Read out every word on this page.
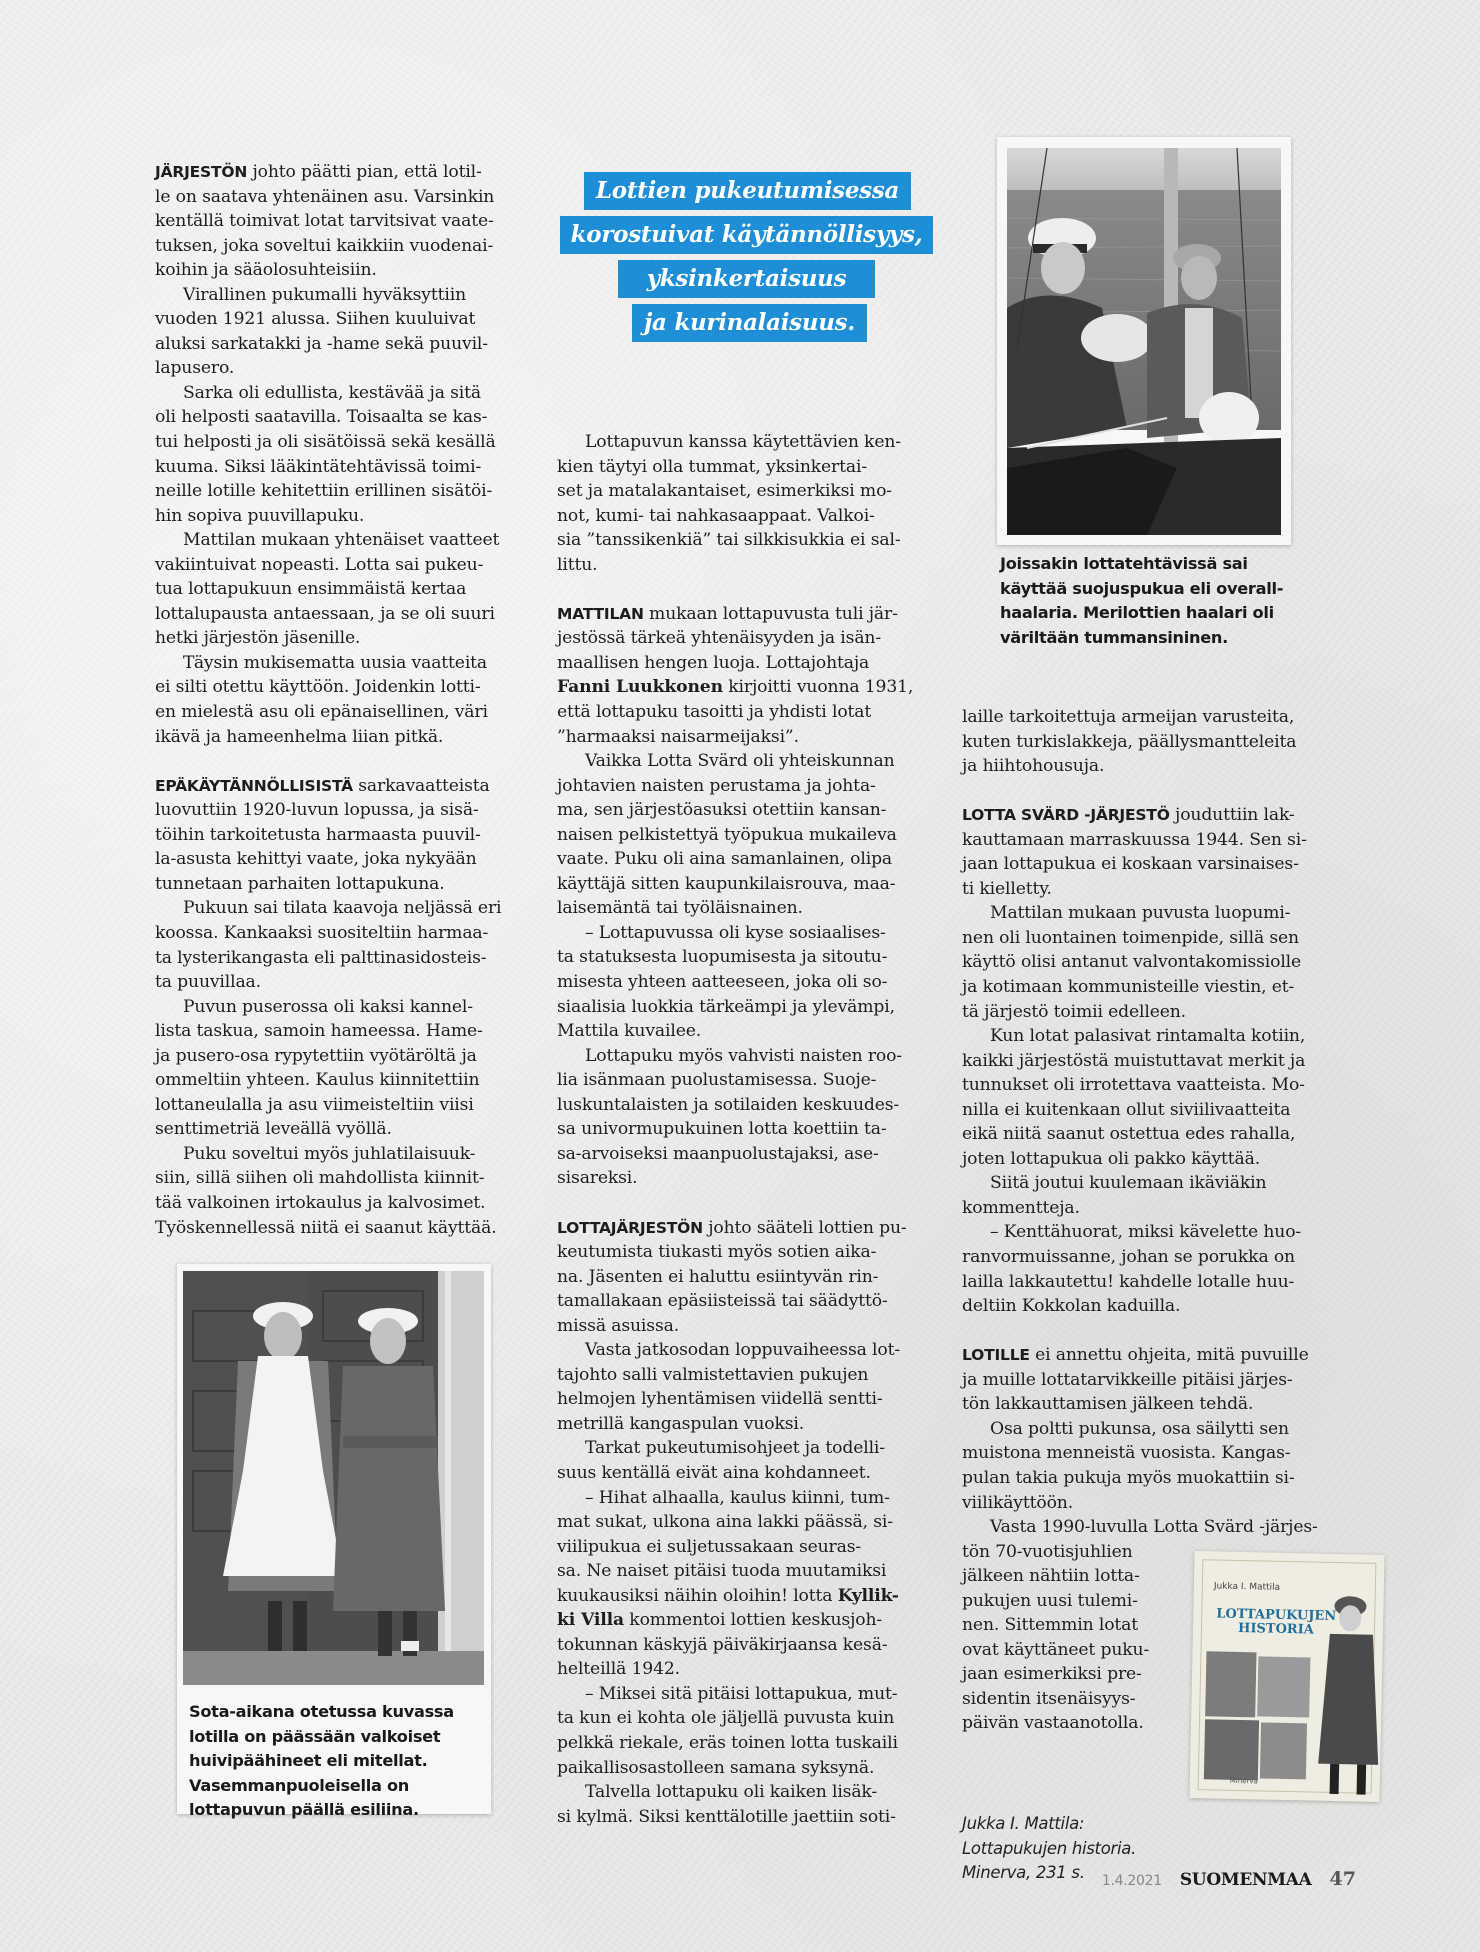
Lottien pukeutumisessa
korostuivat käytännöllisyys,
yksinkertaisuus
ja kurinalaisuus.
JÄRJESTÖN johto päätti pian, että lotil-
le on saatava yhtenäinen asu. Varsinkin
kentällä toimivat lotat tarvitsivat vaate-
tuksen, joka soveltui kaikkiin vuodenai-
koihin ja sääolosuhteisiin.
Virallinen pukumalli hyväksyttiin
vuoden 1921 alussa. Siihen kuuluivat
aluksi sarkatakki ja -hame sekä puuvil-
lapusero.
Sarka oli edullista, kestävää ja sitä
oli helposti saatavilla. Toisaalta se kas-
tui helposti ja oli sisätöissä sekä kesällä
kuuma. Siksi lääkintätehtävissä toimi-
neille lotille kehitettiin erillinen sisätöi-
hin sopiva puuvillapuku.
Mattilan mukaan yhtenäiset vaatteet
vakiintuivat nopeasti. Lotta sai pukeu-
tua lottapukuun ensimmäistä kertaa
lottalupausta antaessaan, ja se oli suuri
hetki järjestön jäsenille.
Täysin mukisematta uusia vaatteita
ei silti otettu käyttöön. Joidenkin lotti-
en mielestä asu oli epänaisellinen, väri
ikävä ja hameenhelma liian pitkä.
EPÄKÄYTÄNNÖLLISISTÄ sarkavaatteista
luovuttiin 1920-luvun lopussa, ja sisä-
töihin tarkoitetusta harmaasta puuvil-
la-asusta kehittyi vaate, joka nykyään
tunnetaan parhaiten lottapukuna.
Pukuun sai tilata kaavoja neljässä eri
koossa. Kankaaksi suositeltiin harmaa-
ta lysterikangasta eli palttinasidosteis-
ta puuvillaa.
Puvun puserossa oli kaksi kannel-
lista taskua, samoin hameessa. Hame-
ja pusero-osa rypytettiin vyötäröltä ja
ommeltiin yhteen. Kaulus kiinnitettiin
lottaneulalla ja asu viimeisteltiin viisi
senttimetriä leveällä vyöllä.
Puku soveltui myös juhlatilaisuuk-
siin, sillä siihen oli mahdollista kiinnit-
tää valkoinen irtokaulus ja kalvosimet.
Työskennellessä niitä ei saanut käyttää.
Lottapuvun kanssa käytettävien ken-
kien täytyi olla tummat, yksinkertai-
set ja matalakantaiset, esimerkiksi mo-
not, kumi- tai nahkasaappaat. Valkoi-
sia ”tanssikenkiä” tai silkkisukkia ei sal-
littu.
MATTILAN mukaan lottapuvusta tuli jär-
jestössä tärkeä yhtenäisyyden ja isän-
maallisen hengen luoja. Lottajohtaja
Fanni Luukkonen kirjoitti vuonna 1931,
että lottapuku tasoitti ja yhdisti lotat
”harmaaksi naisarmeijaksi”.
Vaikka Lotta Svärd oli yhteiskunnan
johtavien naisten perustama ja johta-
ma, sen järjestöasuksi otettiin kansan-
naisen pelkistettyä työpukua mukaileva
vaate. Puku oli aina samanlainen, olipa
käyttäjä sitten kaupunkilaisrouva, maa-
laisemäntä tai työläisnainen.
– Lottapuvussa oli kyse sosiaalises-
ta statuksesta luopumisesta ja sitoutu-
misesta yhteen aatteeseen, joka oli so-
siaalisia luokkia tärkeämpi ja ylevämpi,
Mattila kuvailee.
Lottapuku myös vahvisti naisten roo-
lia isänmaan puolustamisessa. Suoje-
luskuntalaisten ja sotilaiden keskuudes-
sa univormupukuinen lotta koettiin ta-
sa-arvoiseksi maanpuolustajaksi, ase-
sisareksi.
LOTTAJÄRJESTÖN johto sääteli lottien pu-
keutumista tiukasti myös sotien aika-
na. Jäsenten ei haluttu esiintyvän rin-
tamallakaan epäsiisteissä tai säädyttö-
missä asuissa.
Vasta jatkosodan loppuvaiheessa lot-
tajohto salli valmistettavien pukujen
helmojen lyhentämisen viidellä sentti-
metrillä kangaspulan vuoksi.
Tarkat pukeutumisohjeet ja todelli-
suus kentällä eivät aina kohdanneet.
– Hihat alhaalla, kaulus kiinni, tum-
mat sukat, ulkona aina lakki päässä, si-
viilipukua ei suljetussakaan seuras-
sa. Ne naiset pitäisi tuoda muutamiksi
kuukausiksi näihin oloihin! lotta Kyllik-
ki Villa kommentoi lottien keskusjoh-
tokunnan käskyjä päiväkirjaansa kesä-
helteillä 1942.
– Miksei sitä pitäisi lottapukua, mut-
ta kun ei kohta ole jäljellä puvusta kuin
pelkkä riekale, eräs toinen lotta tuskaili
paikallisosastolleen samana syksynä.
Talvella lottapuku oli kaiken lisäk-
si kylmä. Siksi kenttälotille jaettiin soti-
laille tarkoitettuja armeijan varusteita,
kuten turkislakkeja, päällysmantteleita
ja hiihtohousuja.
LOTTA SVÄRD -JÄRJESTÖ jouduttiin lak-
kauttamaan marraskuussa 1944. Sen si-
jaan lottapukua ei koskaan varsinaises-
ti kielletty.
Mattilan mukaan puvusta luopumi-
nen oli luontainen toimenpide, sillä sen
käyttö olisi antanut valvontakomissiolle
ja kotimaan kommunisteille viestin, et-
tä järjestö toimii edelleen.
Kun lotat palasivat rintamalta kotiin,
kaikki järjestöstä muistuttavat merkit ja
tunnukset oli irrotettava vaatteista. Mo-
nilla ei kuitenkaan ollut siviilivaatteita
eikä niitä saanut ostettua edes rahalla,
joten lottapukua oli pakko käyttää.
Siitä joutui kuulemaan ikäviäkin
kommentteja.
– Kenttähuorat, miksi kävelette huo-
ranvormuissanne, johan se porukka on
lailla lakkautettu! kahdelle lotalle huu-
deltiin Kokkolan kaduilla.
LOTILLE ei annettu ohjeita, mitä puvuille
ja muille lottatarvikkeille pitäisi järjes-
tön lakkauttamisen jälkeen tehdä.
Osa poltti pukunsa, osa säilytti sen
muistona menneistä vuosista. Kangas-
pulan takia pukuja myös muokattiin si-
viilikäyttöön.
Vasta 1990-luvulla Lotta Svärd -järjes-
tön 70-vuotisjuhlien
jälkeen nähtiin lotta-
pukujen uusi tulemi-
nen. Sittemmin lotat
ovat käyttäneet puku-
jaan esimerkiksi pre-
sidentin itsenäisyys-
päivän vastaanotolla.
Jukka I. Mattila:
Lottapukujen historia.
Minerva, 231 s.
Joissakin lottatehtävissä sai
käyttää suojuspukua eli overall-
haalaria. Merilottien haalari oli
väriltään tummansininen.
Sota-aikana otetussa kuvassa
lotilla on päässään valkoiset
huivipäähineet eli mitellat.
Vasemmanpuoleisella on
lottapuvun päällä esiliina.
Jukka I. Mattila
LOTTAPUKUJEN
HISTORIA
Minerva
1.4.2021 SUOMENMAA 47
